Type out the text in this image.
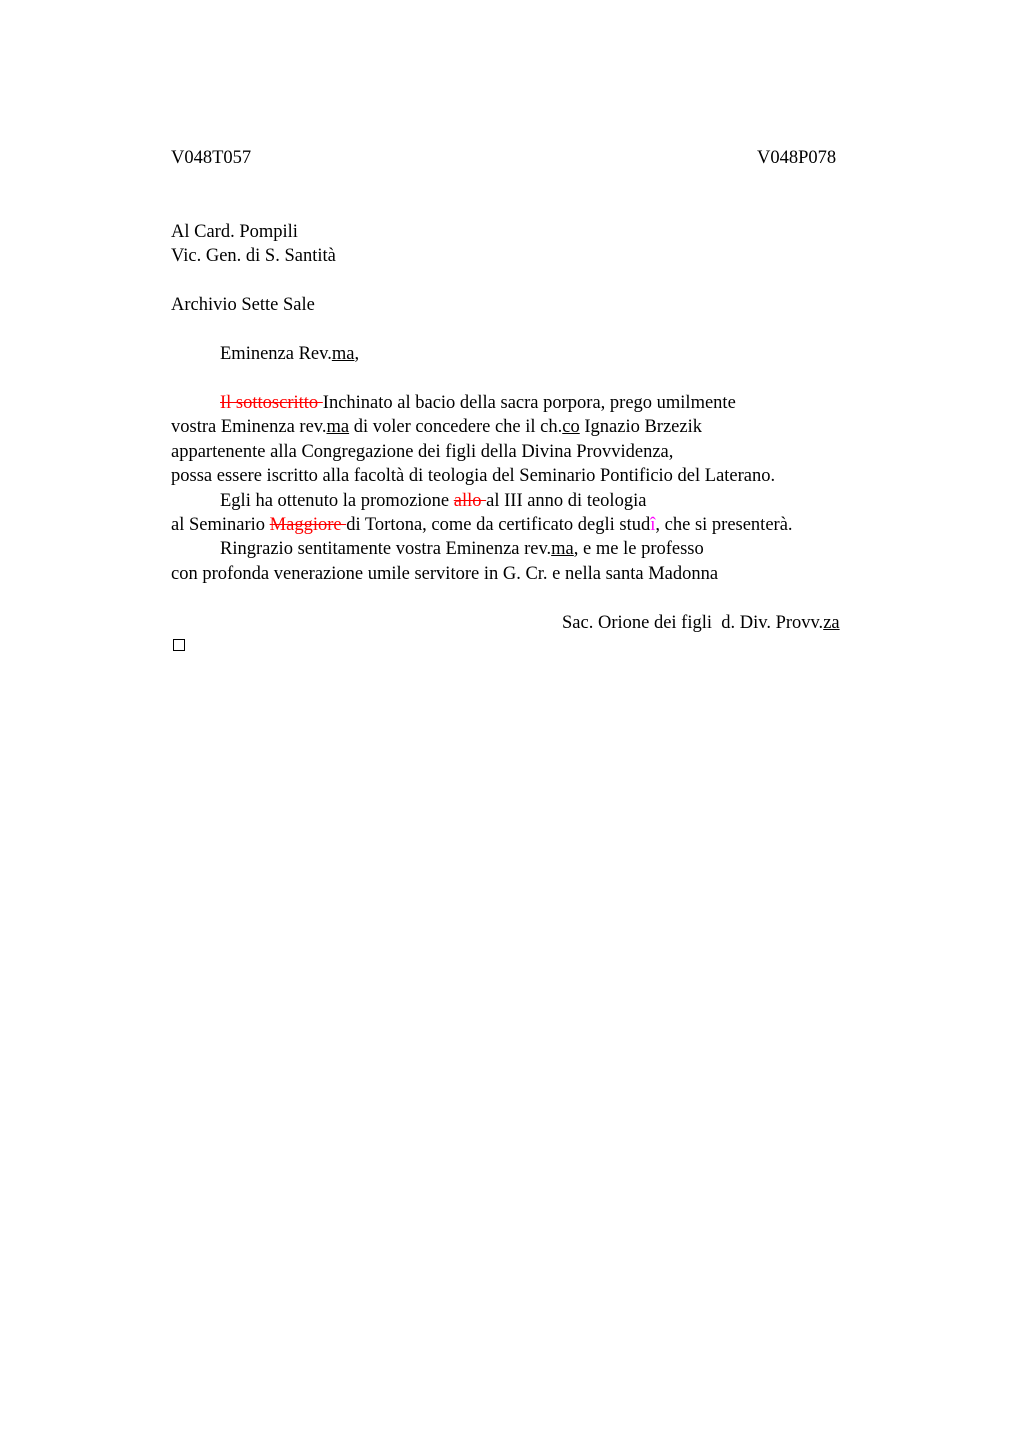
V048T057	V048P078
Al Card. Pompili
Vic. Gen. di S. Santità
Archivio Sette Sale
Eminenza Rev.ma,
Il sottoscritto Inchinato al bacio della sacra porpora, prego umilmente
vostra Eminenza rev.ma di voler concedere che il ch.co Ignazio Brzezik
appartenente alla Congregazione dei figli della Divina Provvidenza,
possa essere iscritto alla facoltà di teologia del Seminario Pontificio del Laterano.
Egli ha ottenuto la promozione allo al III anno di teologia
al Seminario Maggiore di Tortona, come da certificato degli studî, che si presenterà.
Ringrazio sentitamente vostra Eminenza rev.ma, e me le professo
con profonda venerazione umile servitore in G. Cr. e nella santa Madonna
Sac. Orione dei figli  d. Div. Provv.za
